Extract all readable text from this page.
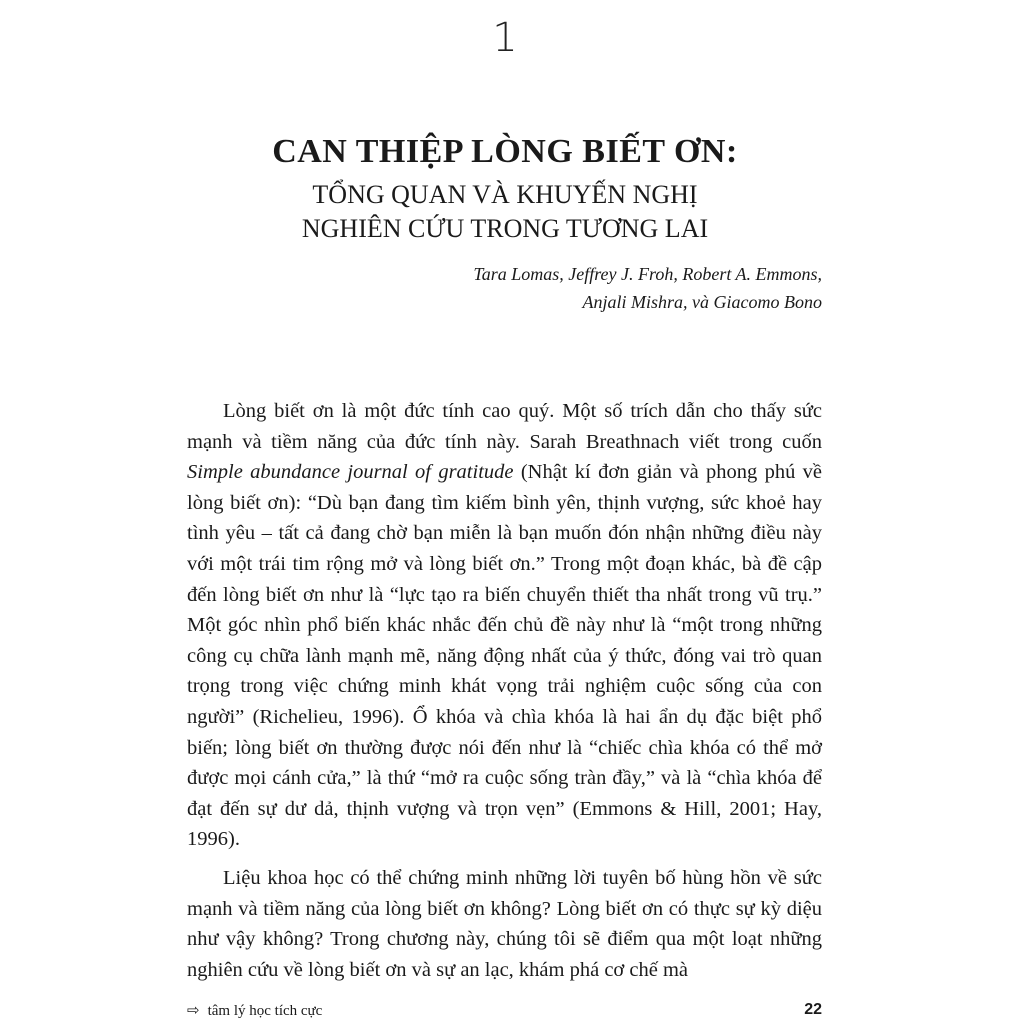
1
CAN THIỆP LÒNG BIẾT ƠN:
TỔNG QUAN VÀ KHUYẾN NGHỊ
NGHIÊN CỨU TRONG TƯƠNG LAI
Tara Lomas, Jeffrey J. Froh, Robert A. Emmons,
Anjali Mishra, và Giacomo Bono

Lòng biết ơn là một đức tính cao quý. Một số trích dẫn cho thấy sức mạnh và tiềm năng của đức tính này. Sarah Breathnach viết trong cuốn Simple abundance journal of gratitude (Nhật kí đơn giản và phong phú về lòng biết ơn): “Dù bạn đang tìm kiếm bình yên, thịnh vượng, sức khoẻ hay tình yêu – tất cả đang chờ bạn miễn là bạn muốn đón nhận những điều này với một trái tim rộng mở và lòng biết ơn.” Trong một đoạn khác, bà đề cập đến lòng biết ơn như là “lực tạo ra biến chuyển thiết tha nhất trong vũ trụ.” Một góc nhìn phổ biến khác nhắc đến chủ đề này như là “một trong những công cụ chữa lành mạnh mẽ, năng động nhất của ý thức, đóng vai trò quan trọng trong việc chứng minh khát vọng trải nghiệm cuộc sống của con người” (Richelieu, 1996). Ổ khóa và chìa khóa là hai ẩn dụ đặc biệt phổ biến; lòng biết ơn thường được nói đến như là “chiếc chìa khóa có thể mở được mọi cánh cửa,” là thứ “mở ra cuộc sống tràn đầy,” và là “chìa khóa để đạt đến sự dư dả, thịnh vượng và trọn vẹn” (Emmons & Hill, 2001; Hay, 1996).

Liệu khoa học có thể chứng minh những lời tuyên bố hùng hồn về sức mạnh và tiềm năng của lòng biết ơn không? Lòng biết ơn có thực sự kỳ diệu như vậy không? Trong chương này, chúng tôi sẽ điểm qua một loạt những nghiên cứu về lòng biết ơn và sự an lạc, khám phá cơ chế mà

⇨ tâm lý học tích cực	22
